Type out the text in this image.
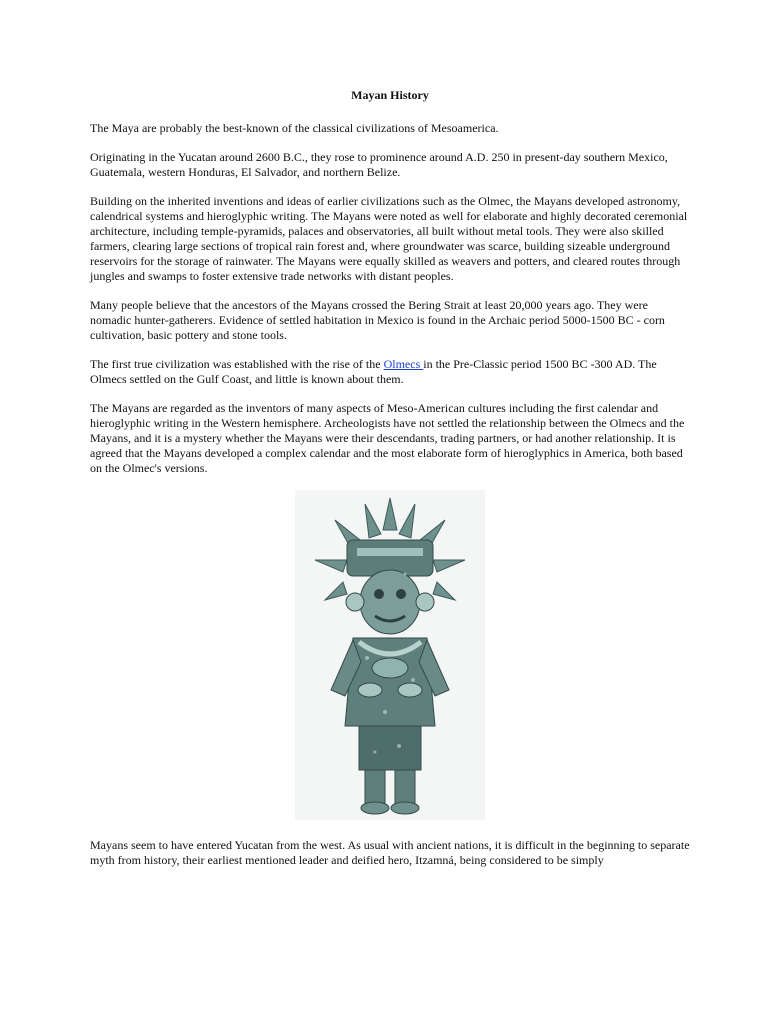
Mayan History

The Maya are probably the best-known of the classical civilizations of Mesoamerica.

Originating in the Yucatan around 2600 B.C., they rose to prominence around A.D. 250 in present-day southern Mexico, Guatemala, western Honduras, El Salvador, and northern Belize.

Building on the inherited inventions and ideas of earlier civilizations such as the Olmec, the Mayans developed astronomy, calendrical systems and hieroglyphic writing. The Mayans were noted as well for elaborate and highly decorated ceremonial architecture, including temple-pyramids, palaces and observatories, all built without metal tools. They were also skilled farmers, clearing large sections of tropical rain forest and, where groundwater was scarce, building sizeable underground reservoirs for the storage of rainwater. The Mayans were equally skilled as weavers and potters, and cleared routes through jungles and swamps to foster extensive trade networks with distant peoples.

Many people believe that the ancestors of the Mayans crossed the Bering Strait at least 20,000 years ago. They were nomadic hunter-gatherers. Evidence of settled habitation in Mexico is found in the Archaic period 5000-1500 BC - corn cultivation, basic pottery and stone tools.

The first true civilization was established with the rise of the Olmecs in the Pre-Classic period 1500 BC -300 AD. The Olmecs settled on the Gulf Coast, and little is known about them.

The Mayans are regarded as the inventors of many aspects of Meso-American cultures including the first calendar and hieroglyphic writing in the Western hemisphere. Archeologists have not settled the relationship between the Olmecs and the Mayans, and it is a mystery whether the Mayans were their descendants, trading partners, or had another relationship. It is agreed that the Mayans developed a complex calendar and the most elaborate form of hieroglyphics in America, both based on the Olmec's versions.

Mayans seem to have entered Yucatan from the west. As usual with ancient nations, it is difficult in the beginning to separate myth from history, their earliest mentioned leader and deified hero, Itzamná, being considered to be simply
